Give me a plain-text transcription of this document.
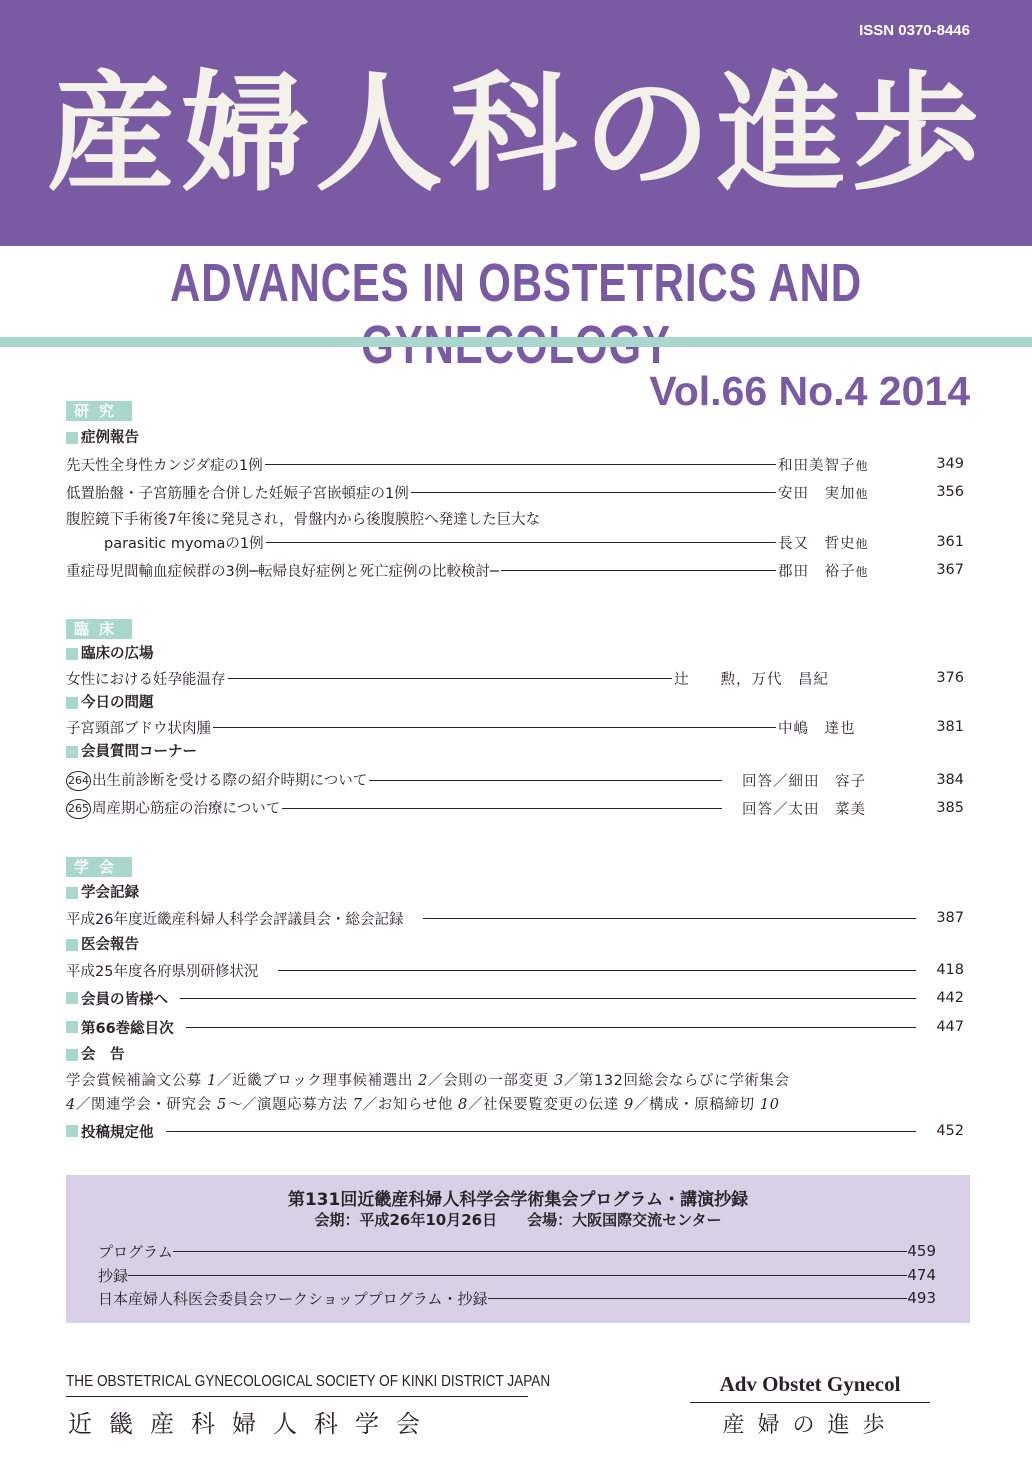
ISSN 0370-8446
産婦人科の進歩
ADVANCES IN OBSTETRICS AND
Vol.66 No.4 2014
研究
症例報告
先天性全身性カンジダ症の1例	和田美智子他	349
低置胎盤・子宮筋腫を合併した妊娠子宮嵌頓症の1例	安田　実加他	356
腹腔鏡下手術後7年後に発見され，骨盤内から後腹膜腔へ発達した巨大な
parasitic myomaの1例	長又　哲史他	361
重症母児間輸血症候群の3例─転帰良好症例と死亡症例の比較検討─	郡田　裕子他	367
臨床
臨床の広場
女性における妊孕能温存	辻　　勲，万代　昌紀	376
今日の問題
子宮頸部ブドウ状肉腫	中嶋　達也	381
会員質問コーナー
264 出生前診断を受ける際の紹介時期について	回答／細田　容子	384
265 周産期心筋症の治療について	回答／太田　菜美	385
学会
学会記録
平成26年度近畿産科婦人科学会評議員会・総会記録	387
医会報告
平成25年度各府県別研修状況	418
会員の皆様へ	442
第66巻総目次	447
会　告
学会賞候補論文公募 1／近畿ブロック理事候補選出 2／会則の一部変更 3／第132回総会ならびに学術集会
4／関連学会・研究会 5〜／演題応募方法 7／お知らせ他 8／社保要覧変更の伝達 9／構成・原稿締切 10
投稿規定他	452
第131回近畿産科婦人科学会学術集会プログラム・講演抄録
会期：平成26年10月26日　　会場：大阪国際交流センター
プログラム	459
抄録	474
日本産婦人科医会委員会ワークショッププログラム・抄録	493
THE OBSTETRICAL GYNECOLOGICAL SOCIETY OF KINKI DISTRICT JAPAN
近畿産科婦人科学会
Adv Obstet Gynecol
産婦の進歩
